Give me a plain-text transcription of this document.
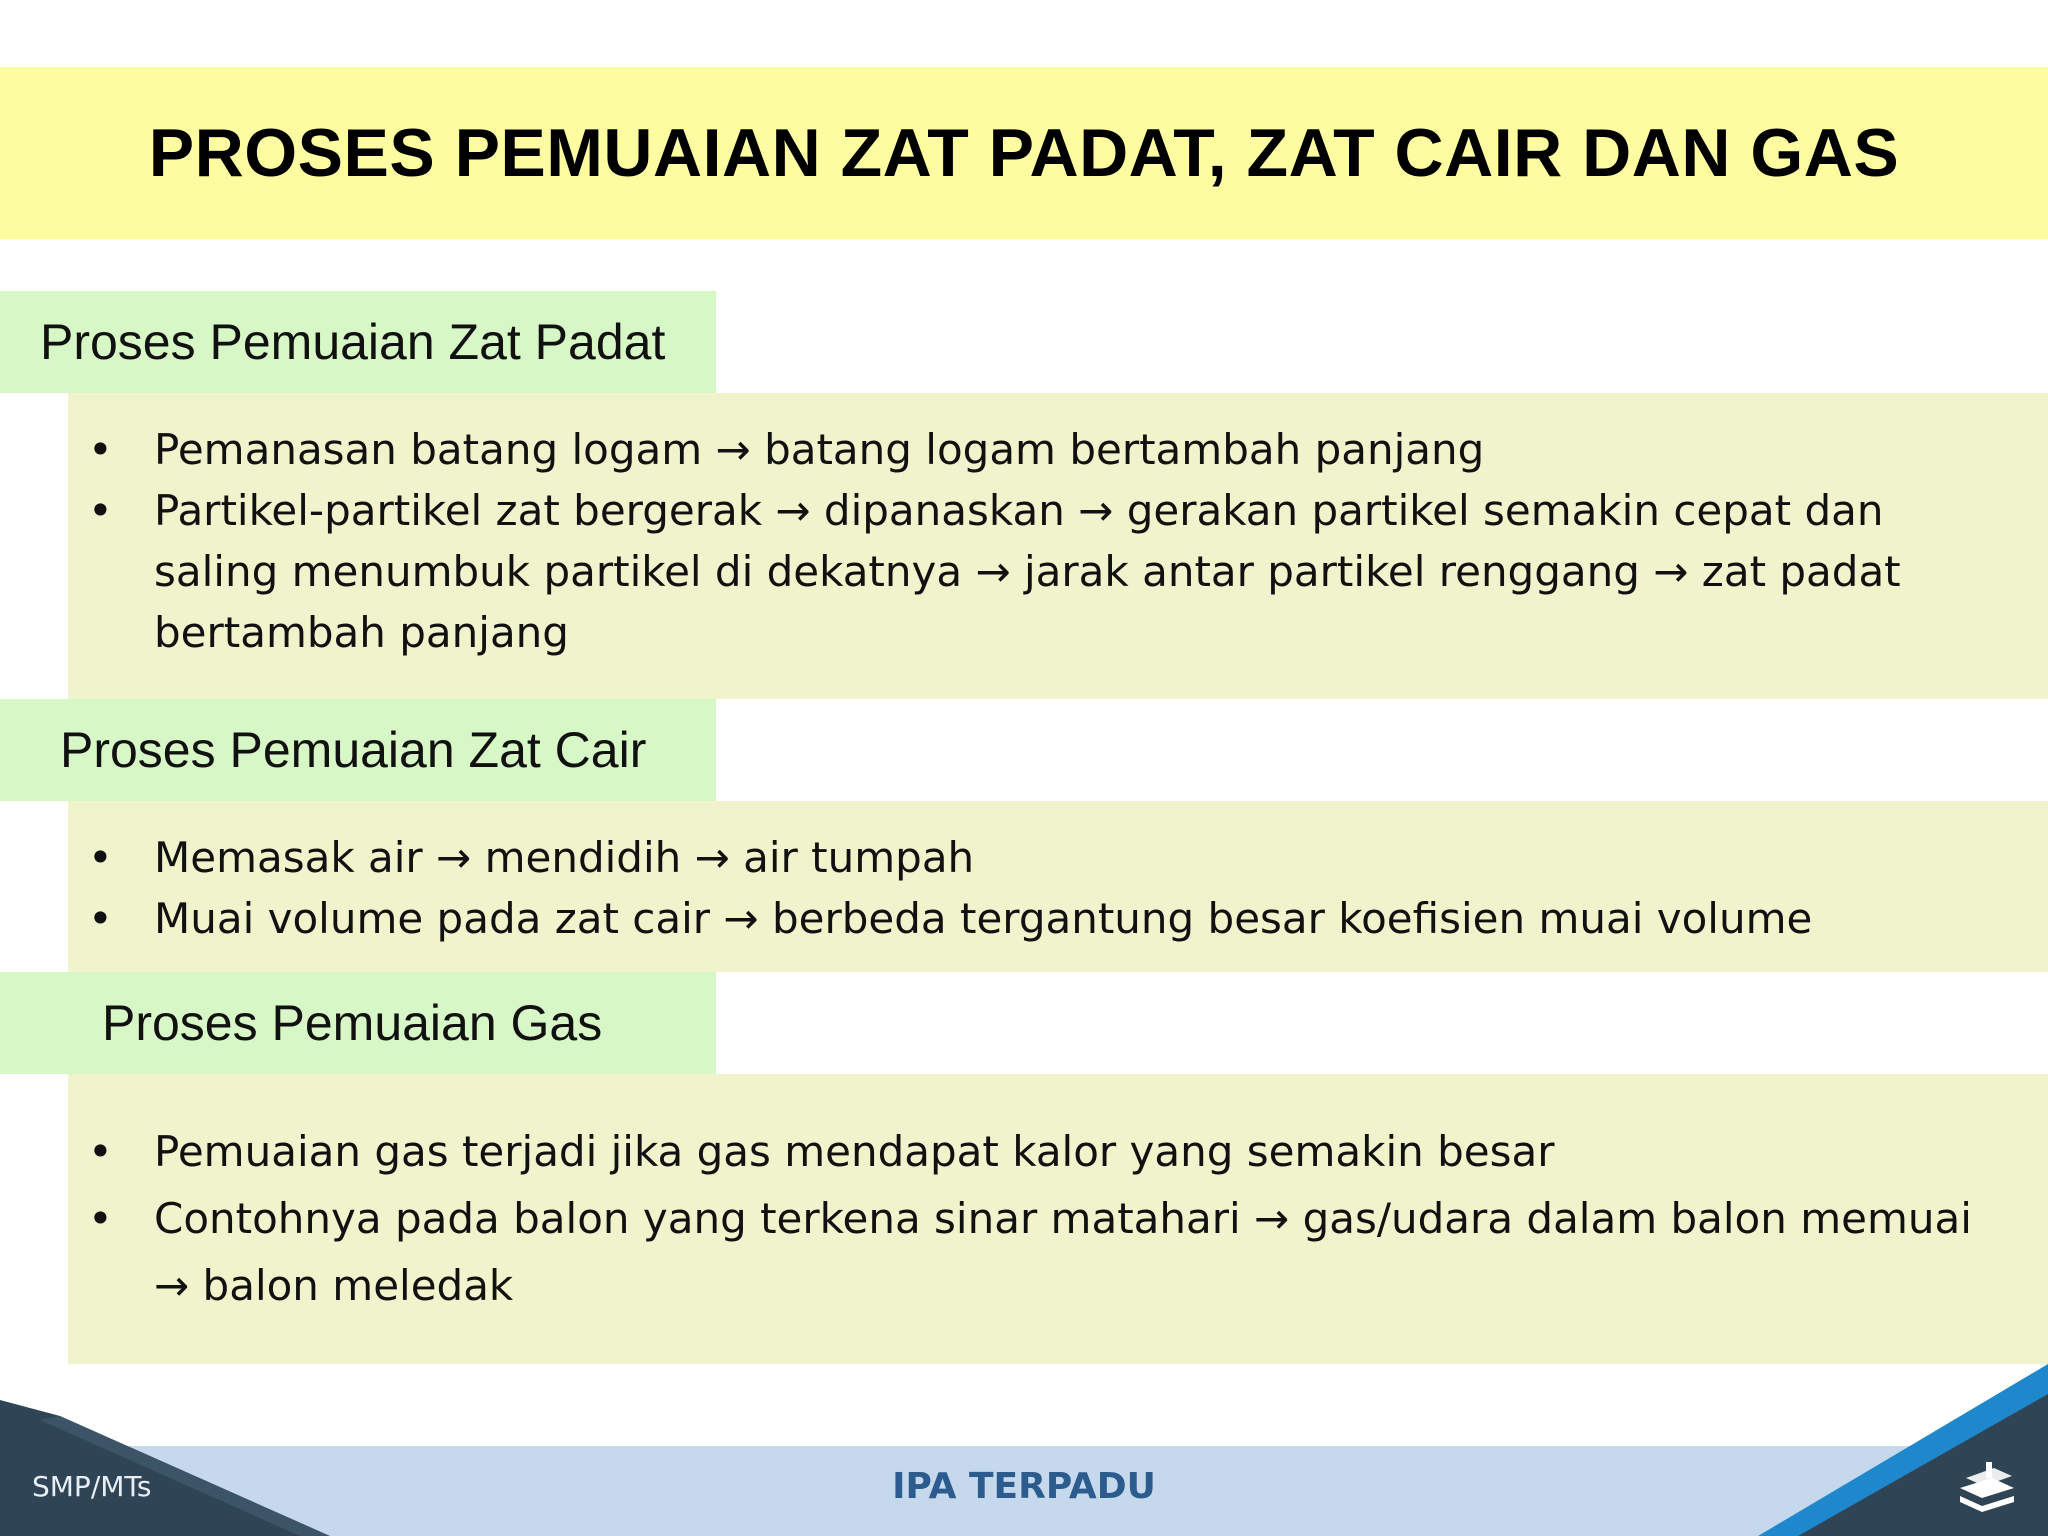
PROSES PEMUAIAN ZAT PADAT, ZAT CAIR DAN GAS
Proses Pemuaian Zat Padat
• Pemanasan batang logam → batang logam bertambah panjang
• Partikel-partikel zat bergerak → dipanaskan → gerakan partikel semakin cepat dan saling menumbuk partikel di dekatnya → jarak antar partikel renggang → zat padat bertambah panjang
Proses Pemuaian Zat Cair
• Memasak air → mendidih → air tumpah
• Muai volume pada zat cair → berbeda tergantung besar koefisien muai volume
Proses Pemuaian Gas
• Pemuaian gas terjadi jika gas mendapat kalor yang semakin besar
• Contohnya pada balon yang terkena sinar matahari → gas/udara dalam balon memuai → balon meledak
SMP/MTs	IPA TERPADU
